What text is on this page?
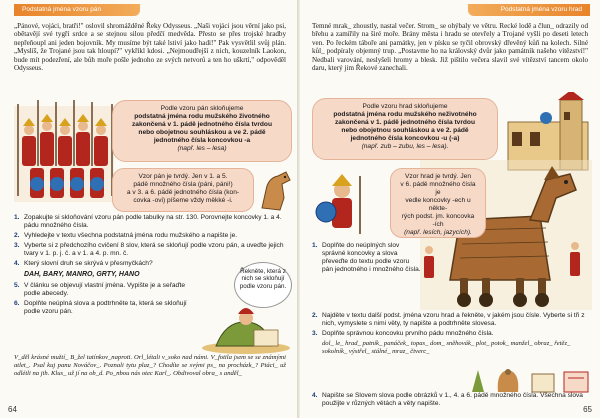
Podstatná jména vzoru pán

„Pánové, vojáci, bratři!" oslovil shromážděné Řeky Odysseus. „Naši vojáci jsou věrní jako psi, obětavějí své tygří srdce a se stejnou silou předčí medvěda. Přesto se přes trojské hradby nepřeňoupl ani jeden bojovník. My musíme být také lstiví jako hadi!" Pak vysvětlil svůj plán. „Myslíš, že Trojané jsou tak hloupí?" vykřikl kdosi. „Nejmoudřejší z nich, kouzelník Laokon, bude mít podezření, ale bůh moře pošle jednoho ze svých netvorů a ten ho uškrtí," odpověděl Odysseus.

Podle vzoru pán skloňujeme
podstatná jména rodu mužského životného
zakončená v 1. pádě jednotného čísla tvrdou
nebo obojetnou souhláskou a ve 2. pádě
jednotného čísla koncovkou -a
(např. les – lesa)
Vzor pán je tvrdý. Jen v 1. a 5.
pádě množného čísla (páni, páni!)
a v 3. a 6. pádě jednotného čísla (kon-
covka -ovi) píšeme vždy měkké -i.
1. Zopakujte si skloňování vzoru pán podle tabulky na str. 130. Porovnejte koncovky 1. a 4. pádu množného čísla.
2. Vyhledejte v textu všechna podstatná jména rodu mužského a napište je.
3. Vyberte si z předchozího cvičení 8 slov, která se skloňují podle vzoru pán, a uveďte jejich tvary v 1. p. j. č. a v 1. a 4. p. mn. č.
4. Který slovní druh se skrývá v přesmyčkách?
DAH, BARY, MANRO, GRTY, HANO
5. V článku se objevují vlastní jména. Vypište je a seřaďte podle abecedy.
6. Doplňte neúplná slova a podtrhněte ta, která se skloňují podle vzoru pán.
Řekněte, která z nich se skloňují podle vzoru pán.

V_děl krásné mužtí_ B_žel tatínkov_naproti. Orl_létali v_soko nad námi. V_fotila jsem se se známými atlet_. Psal kuj panu Nováčov_. Poznali tytu plaz_? Chodíte se svými ps_ na procházk_? Ptáci_ už odlétli na jih. Klus_ už jí na ob_d. Po_nbou nás otec Karl_. Obdivoval obra_ s anděl_

64
Podstatná jména vzoru hrad

Temné mrak_ zhoustly, nastal večer. Strom_ se ohýbaly ve větru. Recké lodě a člun_ odrazily od břehu a zamířily na širé moře. Brány města i hradu se otevřely a Trojané vyšli po deseti letech ven. Po řeckém táboře ani památky, jen v písku se tyčil obrovský dřevěný kůň na kolech. Silné kůl_ podpíraly objemný trup. „Postavme ho na královský dvůr jako památník našeho vítězství!" Nedbali varování, neslyšeli hromy a blesk. Již pištilo večera slavil své vítězství tancem okolo daru, který jim Řekové zanechali.

Podle vzoru hrad skloňujeme
podstatná jména rodu mužského neživotného
zakončená v 1. pádě jednotného čísla tvrdou
nebo obojetnou souhláskou a ve 2. pádě
jednotného čísla koncovkou -u (-a)
(např. zub – zubu, les – lesa).
Vzor hrad je tvrdý. Jen
v 6. pádě množného čísla je
vedle koncovky -ech u někte-
rých podst. jm. koncovka -ích
(např. lesích, jazycích).
1. Doplňte do neúplných slov správné koncovky a slova převeďte do textu podle vzoru pán jednotného i množného čísla.
2. Najděte v textu další podst. jména vzoru hrad a řekněte, v jakém jsou čísle. Vyberte si tři z nich, vymyslete s nimi věty, ty napište a podtrhněte slovesa.
3. Doplňte správnou koncovku prvního pádu množného čísla.
dol_ le_ hrad_ patník_ panáček_ topas_ dom_ sněhovák_ plot_ potok_ manžel_ obraz_ řetěz_ sokolník_ výstřel_ stálné_ mraz_ čtverc_
4. Napište se Slovem slova podle obrázků v 1., 4. a 6. pádě množného čísla. Všechna slova použijte v různých větách a věty napište.
65
